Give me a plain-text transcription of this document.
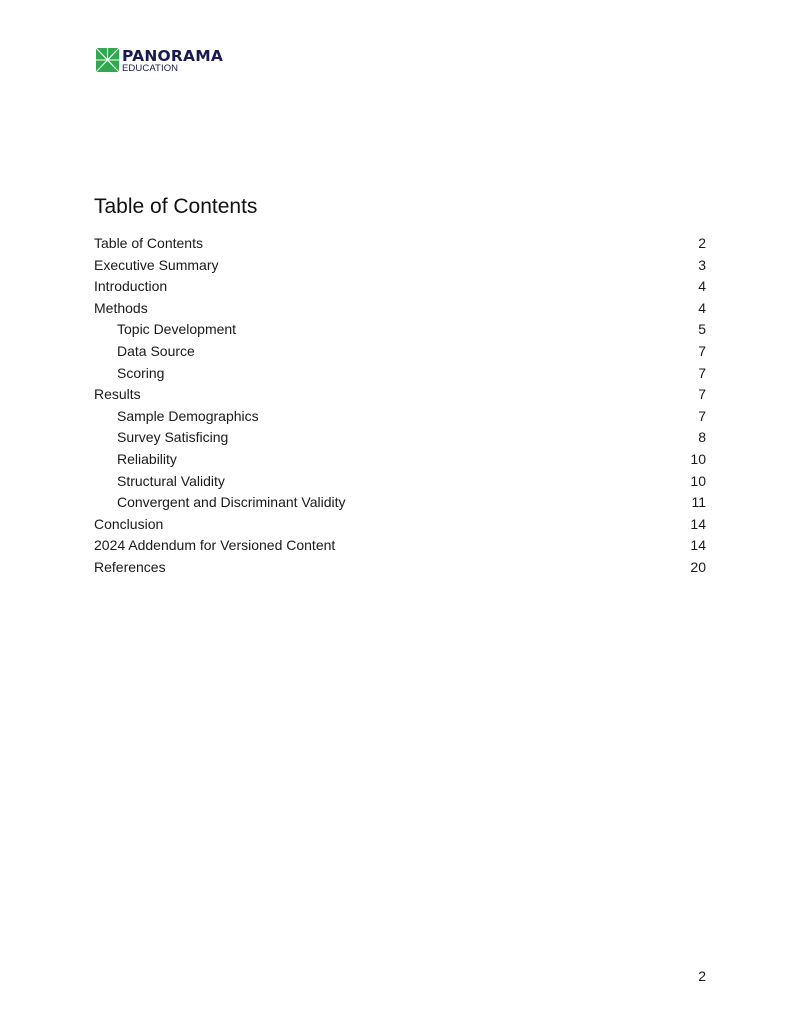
PANORAMA
EDUCATION
Table of Contents
Table of Contents	2
Executive Summary	3
Introduction	4
Methods	4
Topic Development	5
Data Source	7
Scoring	7
Results	7
Sample Demographics	7
Survey Satisficing	8
Reliability	10
Structural Validity	10
Convergent and Discriminant Validity	11
Conclusion	14
2024 Addendum for Versioned Content	14
References	20
2
